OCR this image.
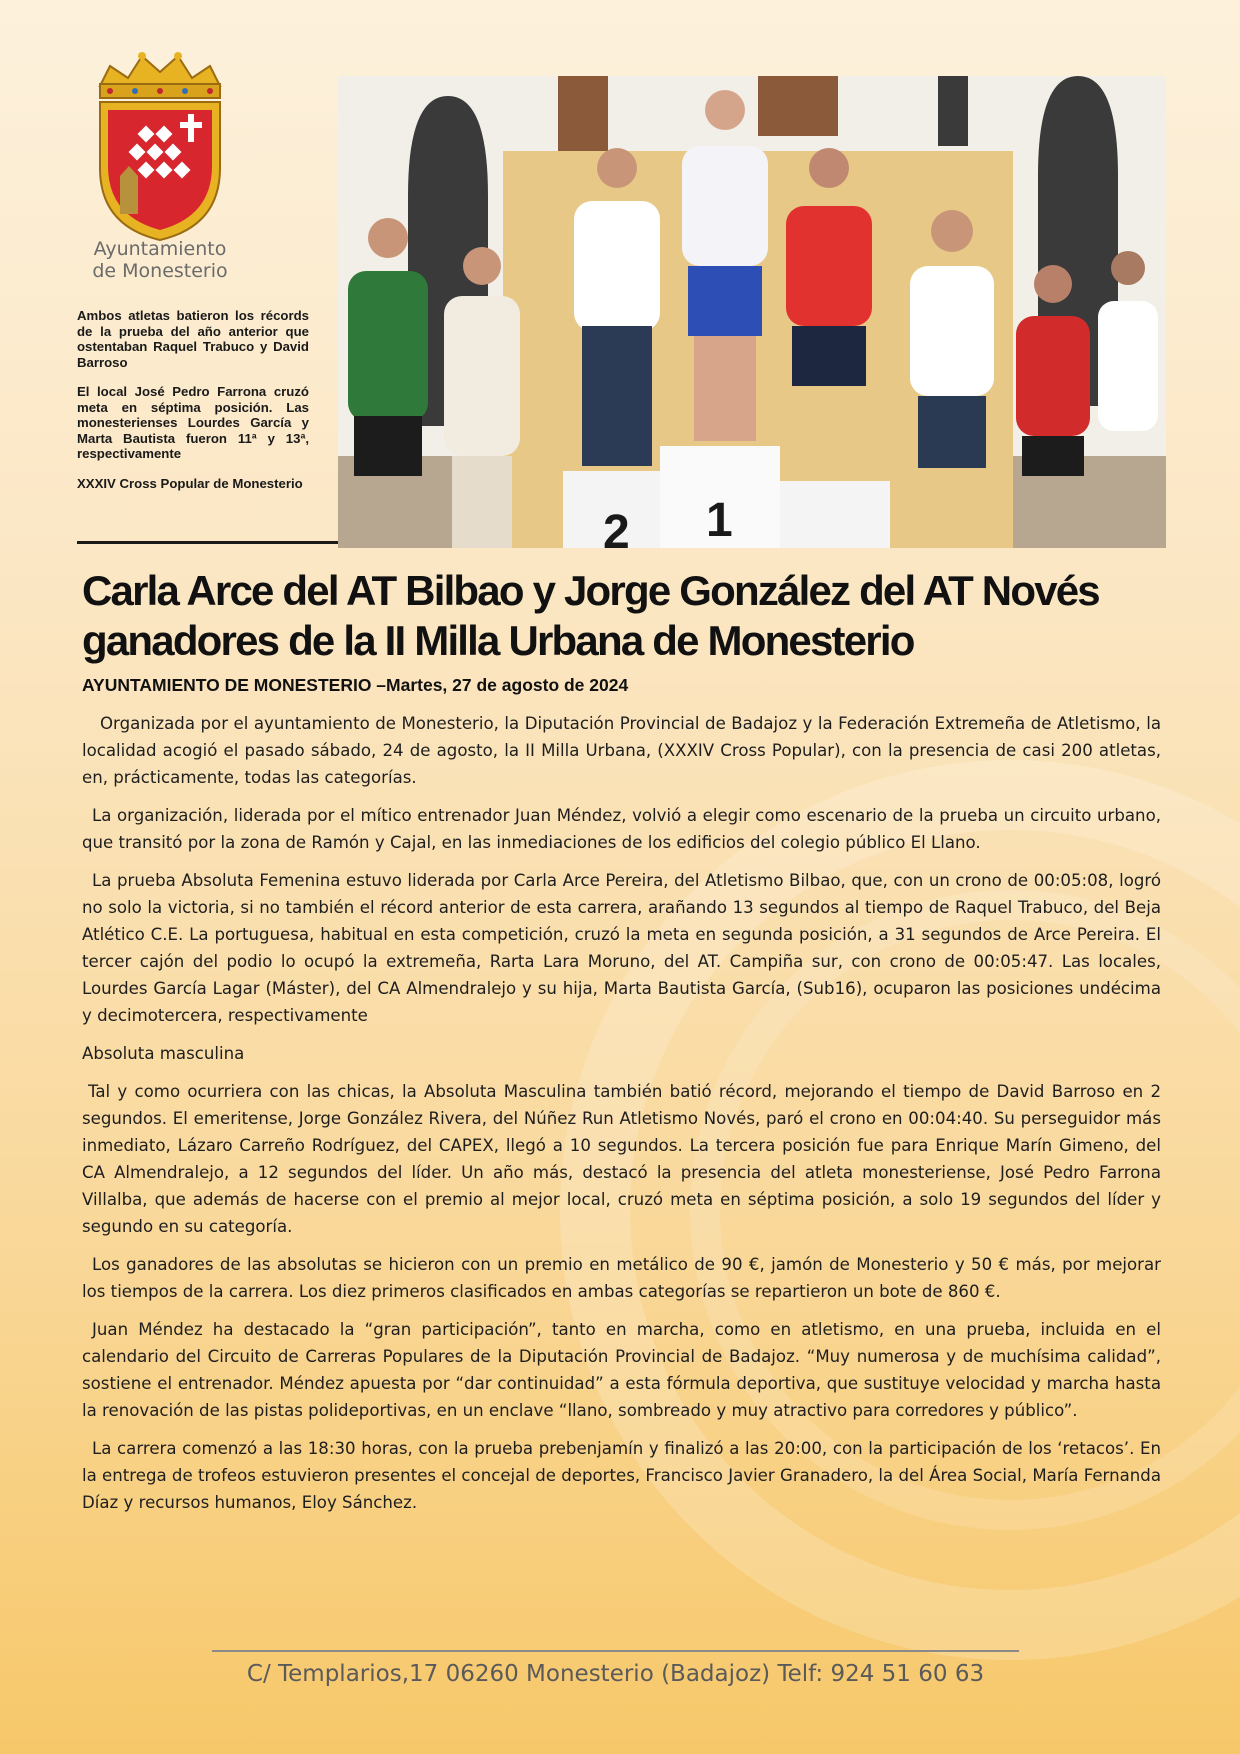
Ayuntamiento
de Monesterio

Ambos atletas batieron los récords de la prueba del año anterior que ostentaban Raquel Trabuco y David Barroso

El local José Pedro Farrona cruzó meta en séptima posición. Las monesterienses Lourdes García y Marta Bautista fueron 11ª y 13ª, respectivamente

XXXIV Cross Popular de Monesterio

2 1
Carla Arce del AT Bilbao y Jorge González del AT Novés ganadores de la II Milla Urbana de Monesterio
AYUNTAMIENTO DE MONESTERIO –Martes, 27 de agosto de 2024

Organizada por el ayuntamiento de Monesterio, la Diputación Provincial de Badajoz y la Federación Extremeña de Atletismo, la localidad acogió el pasado sábado, 24 de agosto, la II Milla Urbana, (XXXIV Cross Popular), con la presencia de casi 200 atletas, en, prácticamente, todas las categorías.

La organización, liderada por el mítico entrenador Juan Méndez, volvió a elegir como escenario de la prueba un circuito urbano, que transitó por la zona de Ramón y Cajal, en las inmediaciones de los edificios del colegio público El Llano.

La prueba Absoluta Femenina estuvo liderada por Carla Arce Pereira, del Atletismo Bilbao, que, con un crono de 00:05:08, logró no solo la victoria, si no también el récord anterior de esta carrera, arañando 13 segundos al tiempo de Raquel Trabuco, del Beja Atlético C.E. La portuguesa, habitual en esta competición, cruzó la meta en segunda posición, a 31 segundos de Arce Pereira. El tercer cajón del podio lo ocupó la extremeña, Rarta Lara Moruno, del AT. Campiña sur, con crono de 00:05:47. Las locales, Lourdes García Lagar (Máster), del CA Almendralejo y su hija, Marta Bautista García, (Sub16), ocuparon las posiciones undécima y decimotercera, respectivamente

Absoluta masculina

Tal y como ocurriera con las chicas, la Absoluta Masculina también batió récord, mejorando el tiempo de David Barroso en 2 segundos. El emeritense, Jorge González Rivera, del Núñez Run Atletismo Novés, paró el crono en 00:04:40. Su perseguidor más inmediato, Lázaro Carreño Rodríguez, del CAPEX, llegó a 10 segundos. La tercera posición fue para Enrique Marín Gimeno, del CA Almendralejo, a 12 segundos del líder. Un año más, destacó la presencia del atleta monesteriense, José Pedro Farrona Villalba, que además de hacerse con el premio al mejor local, cruzó meta en séptima posición, a solo 19 segundos del líder y segundo en su categoría.

Los ganadores de las absolutas se hicieron con un premio en metálico de 90 €, jamón de Monesterio y 50 € más, por mejorar los tiempos de la carrera. Los diez primeros clasificados en ambas categorías se repartieron un bote de 860 €.

Juan Méndez ha destacado la “gran participación”, tanto en marcha, como en atletismo, en una prueba, incluida en el calendario del Circuito de Carreras Populares de la Diputación Provincial de Badajoz. “Muy numerosa y de muchísima calidad”, sostiene el entrenador. Méndez apuesta por “dar continuidad” a esta fórmula deportiva, que sustituye velocidad y marcha hasta la renovación de las pistas polideportivas, en un enclave “llano, sombreado y muy atractivo para corredores y público”.

La carrera comenzó a las 18:30 horas, con la prueba prebenjamín y finalizó a las 20:00, con la participación de los ‘retacos’. En la entrega de trofeos estuvieron presentes el concejal de deportes, Francisco Javier Granadero, la del Área Social, María Fernanda Díaz y recursos humanos, Eloy Sánchez.

C/ Templarios,17 06260 Monesterio (Badajoz) Telf: 924 51 60 63
